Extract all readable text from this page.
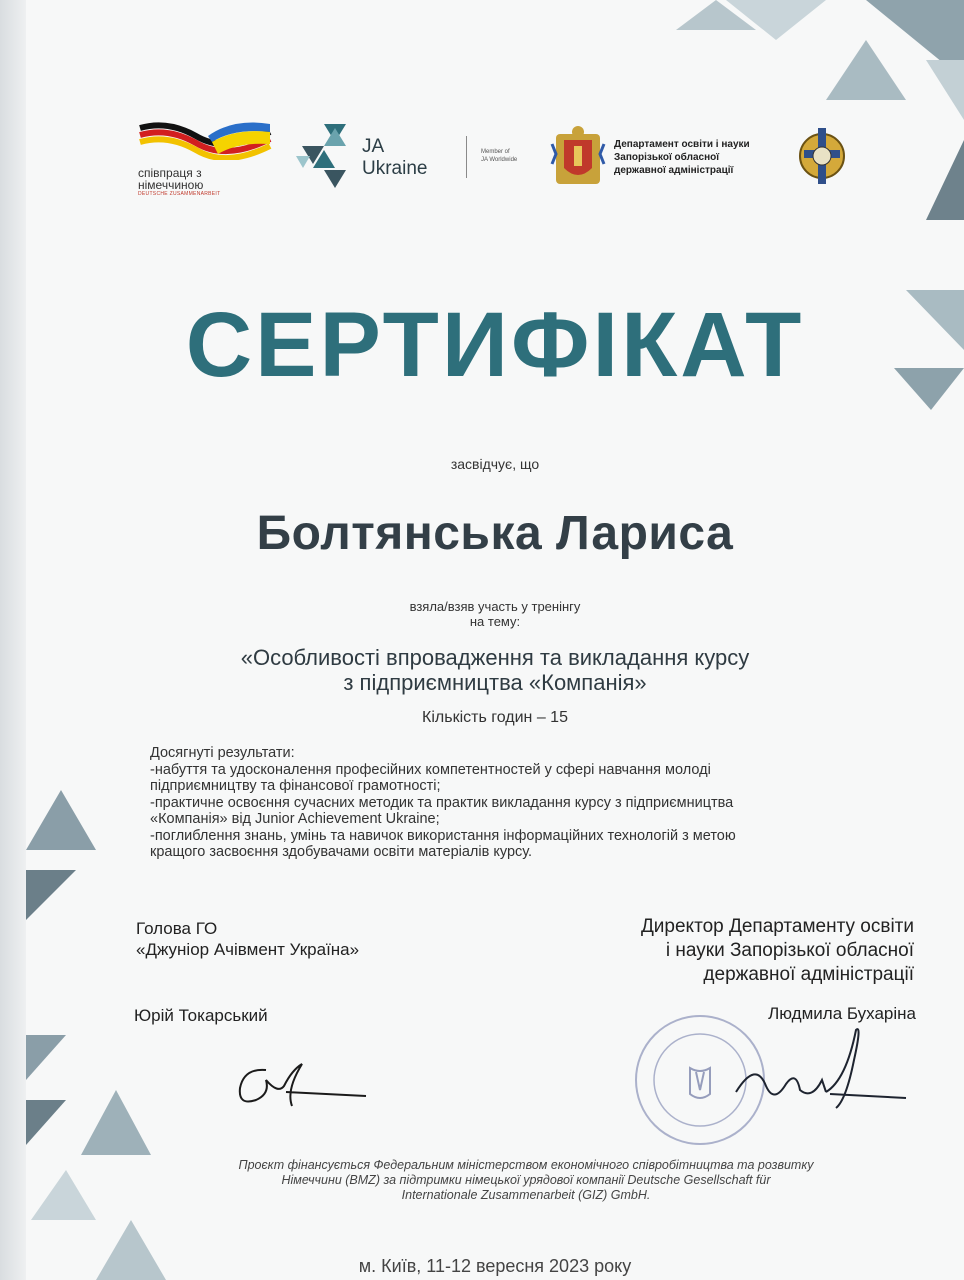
співпраця з
німеччиною
DEUTSCHE ZUSAMMENARBEIT
JA
Ukraine
Member of
JA Worldwide
Департамент освіти і науки
Запорізької обласної
державної адміністрації
СЕРТИФІКАТ
засвідчує, що
Болтянська Лариса
взяла/взяв участь у тренінгу
на тему:
«Особливості впровадження та викладання курсу
з підприємництва «Компанія»
Кількість годин – 15
Досягнуті результати:
-набуття та удосконалення професійних компетентностей у сфері навчання молоді
підприємництву та фінансової грамотності;
-практичне освоєння сучасних методик та практик викладання курсу з підприємництва
«Компанія» від Junior Achievement Ukraine;
-поглиблення знань, умінь та навичок використання інформаційних технологій з метою
кращого засвоєння здобувачами освіти матеріалів курсу.
Голова ГО
«Джуніор Ачівмент Україна»
Директор Департаменту освіти
і науки Запорізької обласної
державної адміністрації
Юрій Токарський	Людмила Бухаріна
Проєкт фінансується Федеральним міністерством економічного співробітництва та розвитку
Німеччини (BMZ) за підтримки німецької урядової компанії Deutsche Gesellschaft für
Internationale Zusammenarbeit (GIZ) GmbH.
м. Київ, 11-12 вересня 2023 року
